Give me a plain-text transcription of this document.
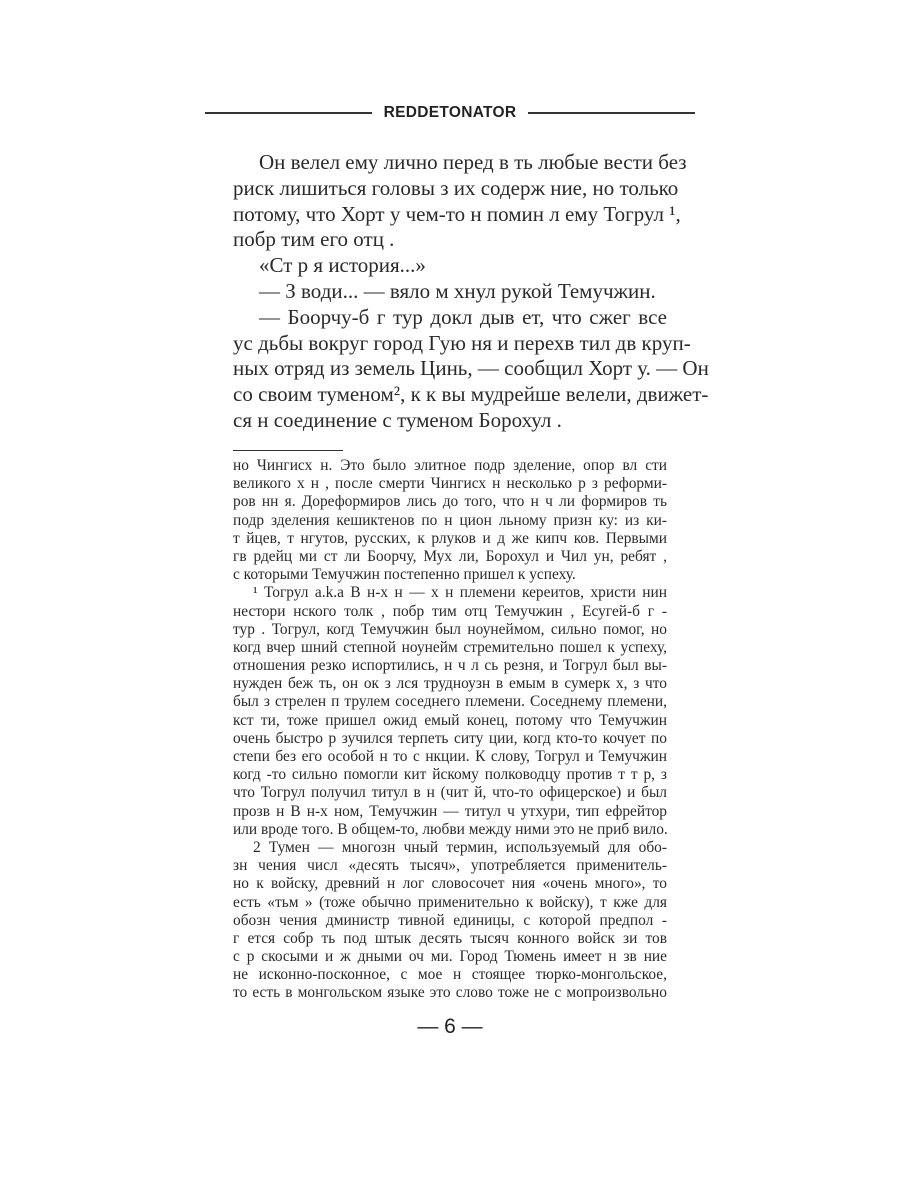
REDDETONATOR
Он велел ему лично перед в ть любые вести без
риск лишиться головы з их содерж ние, но только
потому, что Хорт у чем-то н помин л ему Тогрул ¹,
побр тим его отц .
«Ст р я история...»
— З води... — вяло м хнул рукой Темучжин.
— Боорчу-б г тур докл дыв ет, что сжег все
ус дьбы вокруг город Гую ня и перехв тил дв круп-
ных отряд из земель Цинь, — сообщил Хорт у. — Он
со своим туменом², к к вы мудрейше велели, движет-
ся н соединение с туменом Борохул .
но Чингисх н. Это было элитное подр зделение, опор вл сти
великого х н , после смерти Чингисх н несколько р з реформи-
ров нн я. Дореформиров лись до того, что н ч ли формиров ть
подр зделения кешиктенов по н цион льному призн ку: из ки-
т йцев, т нгутов, русских, к рлуков и д же кипч ков. Первыми
гв рдейц ми ст ли Боорчу, Мух ли, Борохул и Чил ун, ребят ,
с которыми Темучжин постепенно пришел к успеху.
¹ Тогрул a.k.a В н-х н — х н племени кереитов, христи нин
нестори нского толк , побр тим отц Темучжин , Есугей-б г -
тур . Тогрул, когд Темучжин был ноунеймом, сильно помог, но
когд вчер шний степной ноунейм стремительно пошел к успеху,
отношения резко испортились, н ч л сь резня, и Тогрул был вы-
нужден беж ть, он ок з лся трудноузн в емым в сумерк х, з что
был з стрелен п трулем соседнего племени. Соседнему племени,
кст ти, тоже пришел ожид емый конец, потому что Темучжин
очень быстро р зучился терпеть ситу ции, когд кто-то кочует по
степи без его особой н то с нкции. К слову, Тогрул и Темучжин
когд -то сильно помогли кит йскому полководцу против т т р, з
что Тогрул получил титул в н (чит й, что-то офицерское) и был
прозв н В н-х ном, Темучжин — титул ч утхури, тип ефрейтор
или вроде того. В общем-то, любви между ними это не приб вило.
2 Тумен — многозн чный термин, используемый для обо-
зн чения числ «десять тысяч», употребляется применитель-
но к войску, древний н лог словосочет ния «очень много», то
есть «тьм » (тоже обычно применительно к войску), т кже для
обозн чения дминистр тивной единицы, с которой предпол -
г ется собр ть под штык десять тысяч конного войск зи тов
с р скосыми и ж дными оч ми. Город Тюмень имеет н зв ние
не исконно-посконное, с мое н стоящее тюрко-монгольское,
то есть в монгольском языке это слово тоже не с мопроизвольно
— 6 —
